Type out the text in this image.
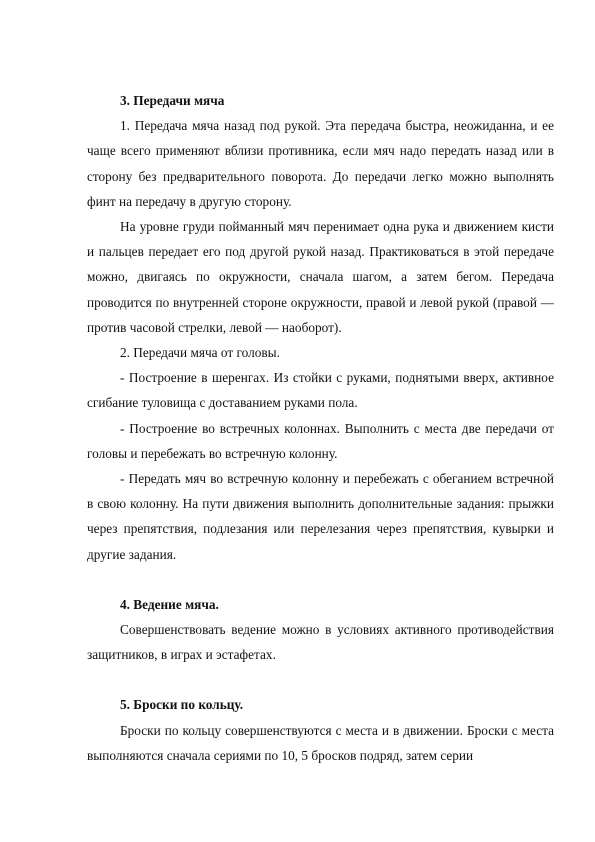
3. Передачи мяча

1. Передача мяча назад под рукой. Эта передача быстра, неожиданна, и ее чаще всего применяют вблизи противника, если мяч надо передать назад или в сторону без предварительного поворота. До передачи легко можно выполнять финт на передачу в другую сторону.

На уровне груди пойманный мяч перенимает одна рука и движением кисти и пальцев передает его под другой рукой назад. Практиковаться в этой передаче можно, двигаясь по окружности, сначала шагом, а затем бегом. Передача проводится по внутренней стороне окружности, правой и левой рукой (правой — против часовой стрелки, левой — наоборот).

2. Передачи мяча от головы.

- Построение в шеренгах. Из стойки с руками, поднятыми вверх, активное сгибание туловища с доставанием руками пола.

- Построение во встречных колоннах. Выполнить с места две передачи от головы и перебежать во встречную колонну.

- Передать мяч во встречную колонну и перебежать с обеганием встречной в свою колонну. На пути движения выполнить дополнительные задания: прыжки через препятствия, подлезания или перелезания через препятствия, кувырки и другие задания.

4. Ведение мяча.

Совершенствовать ведение можно в условиях активного противодействия защитников, в играх и эстафетах.

5. Броски по кольцу.

Броски по кольцу совершенствуются с места и в движении. Броски с места выполняются сначала сериями по 10, 5 бросков подряд, затем серии
